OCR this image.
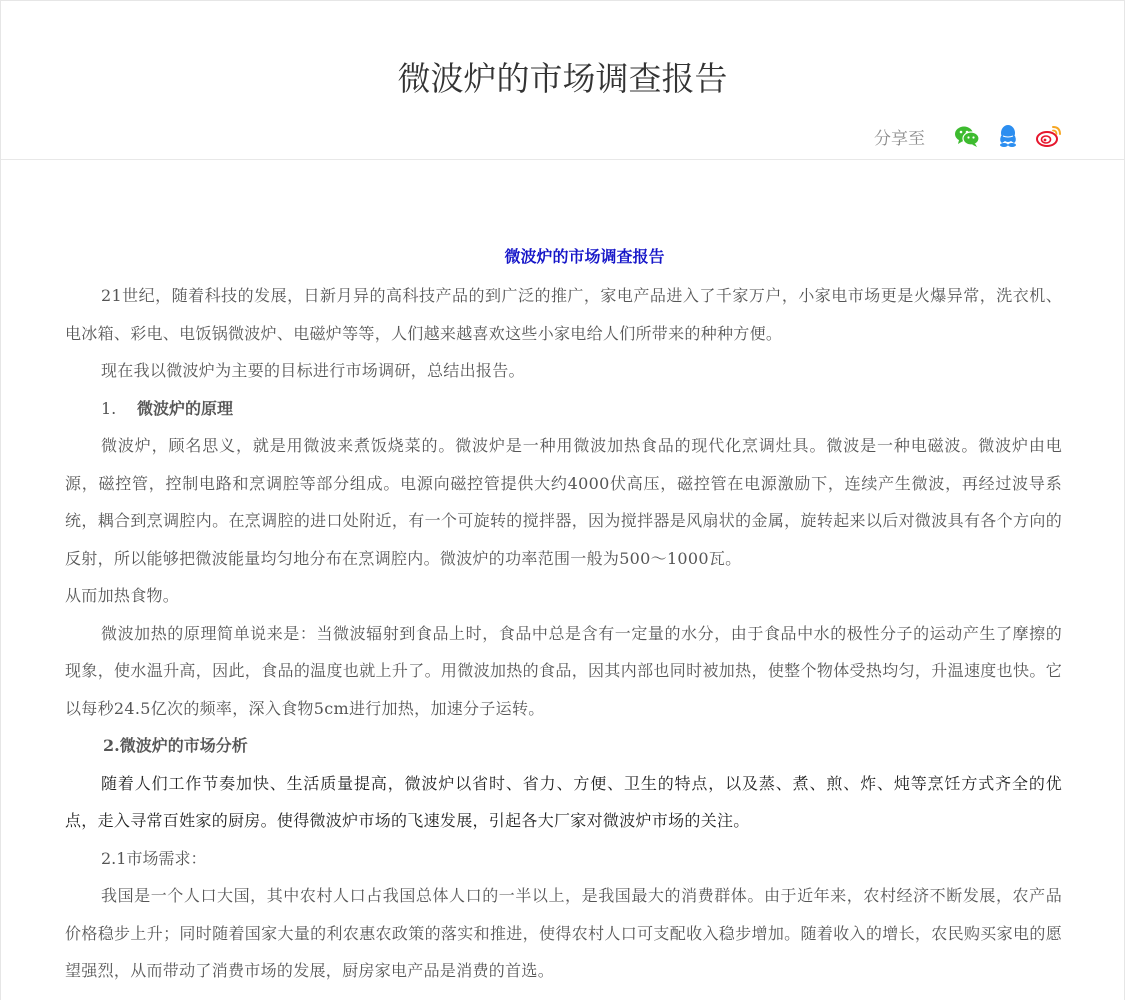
微波炉的市场调查报告
分享至
微波炉的市场调查报告

21世纪，随着科技的发展，日新月异的高科技产品的到广泛的推广，家电产品进入了千家万户，小家电市场更是火爆异常，洗衣机、电冰箱、彩电、电饭锅微波炉、电磁炉等等，人们越来越喜欢这些小家电给人们所带来的种种方便。

现在我以微波炉为主要的目标进行市场调研，总结出报告。

1. 微波炉的原理

微波炉，顾名思义，就是用微波来煮饭烧菜的。微波炉是一种用微波加热食品的现代化烹调灶具。微波是一种电磁波。微波炉由电源，磁控管，控制电路和烹调腔等部分组成。电源向磁控管提供大约4000伏高压，磁控管在电源激励下，连续产生微波，再经过波导系统，耦合到烹调腔内。在烹调腔的进口处附近，有一个可旋转的搅拌器，因为搅拌器是风扇状的金属，旋转起来以后对微波具有各个方向的反射，所以能够把微波能量均匀地分布在烹调腔内。微波炉的功率范围一般为500～1000瓦。

从而加热食物。

微波加热的原理简单说来是：当微波辐射到食品上时，食品中总是含有一定量的水分，由于食品中水的极性分子的运动产生了摩擦的现象，使水温升高，因此，食品的温度也就上升了。用微波加热的食品，因其内部也同时被加热，使整个物体受热均匀，升温速度也快。它以每秒24.5亿次的频率，深入食物5cm进行加热，加速分子运转。

2.微波炉的市场分析

随着人们工作节奏加快、生活质量提高，微波炉以省时、省力、方便、卫生的特点，以及蒸、煮、煎、炸、炖等烹饪方式齐全的优点，走入寻常百姓家的厨房。使得微波炉市场的飞速发展，引起各大厂家对微波炉市场的关注。

2.1市场需求：

我国是一个人口大国，其中农村人口占我国总体人口的一半以上，是我国最大的消费群体。由于近年来，农村经济不断发展，农产品价格稳步上升；同时随着国家大量的利农惠农政策的落实和推进，使得农村人口可支配收入稳步增加。随着收入的增长，农民购买家电的愿望强烈，从而带动了消费市场的发展，厨房家电产品是消费的首选。
